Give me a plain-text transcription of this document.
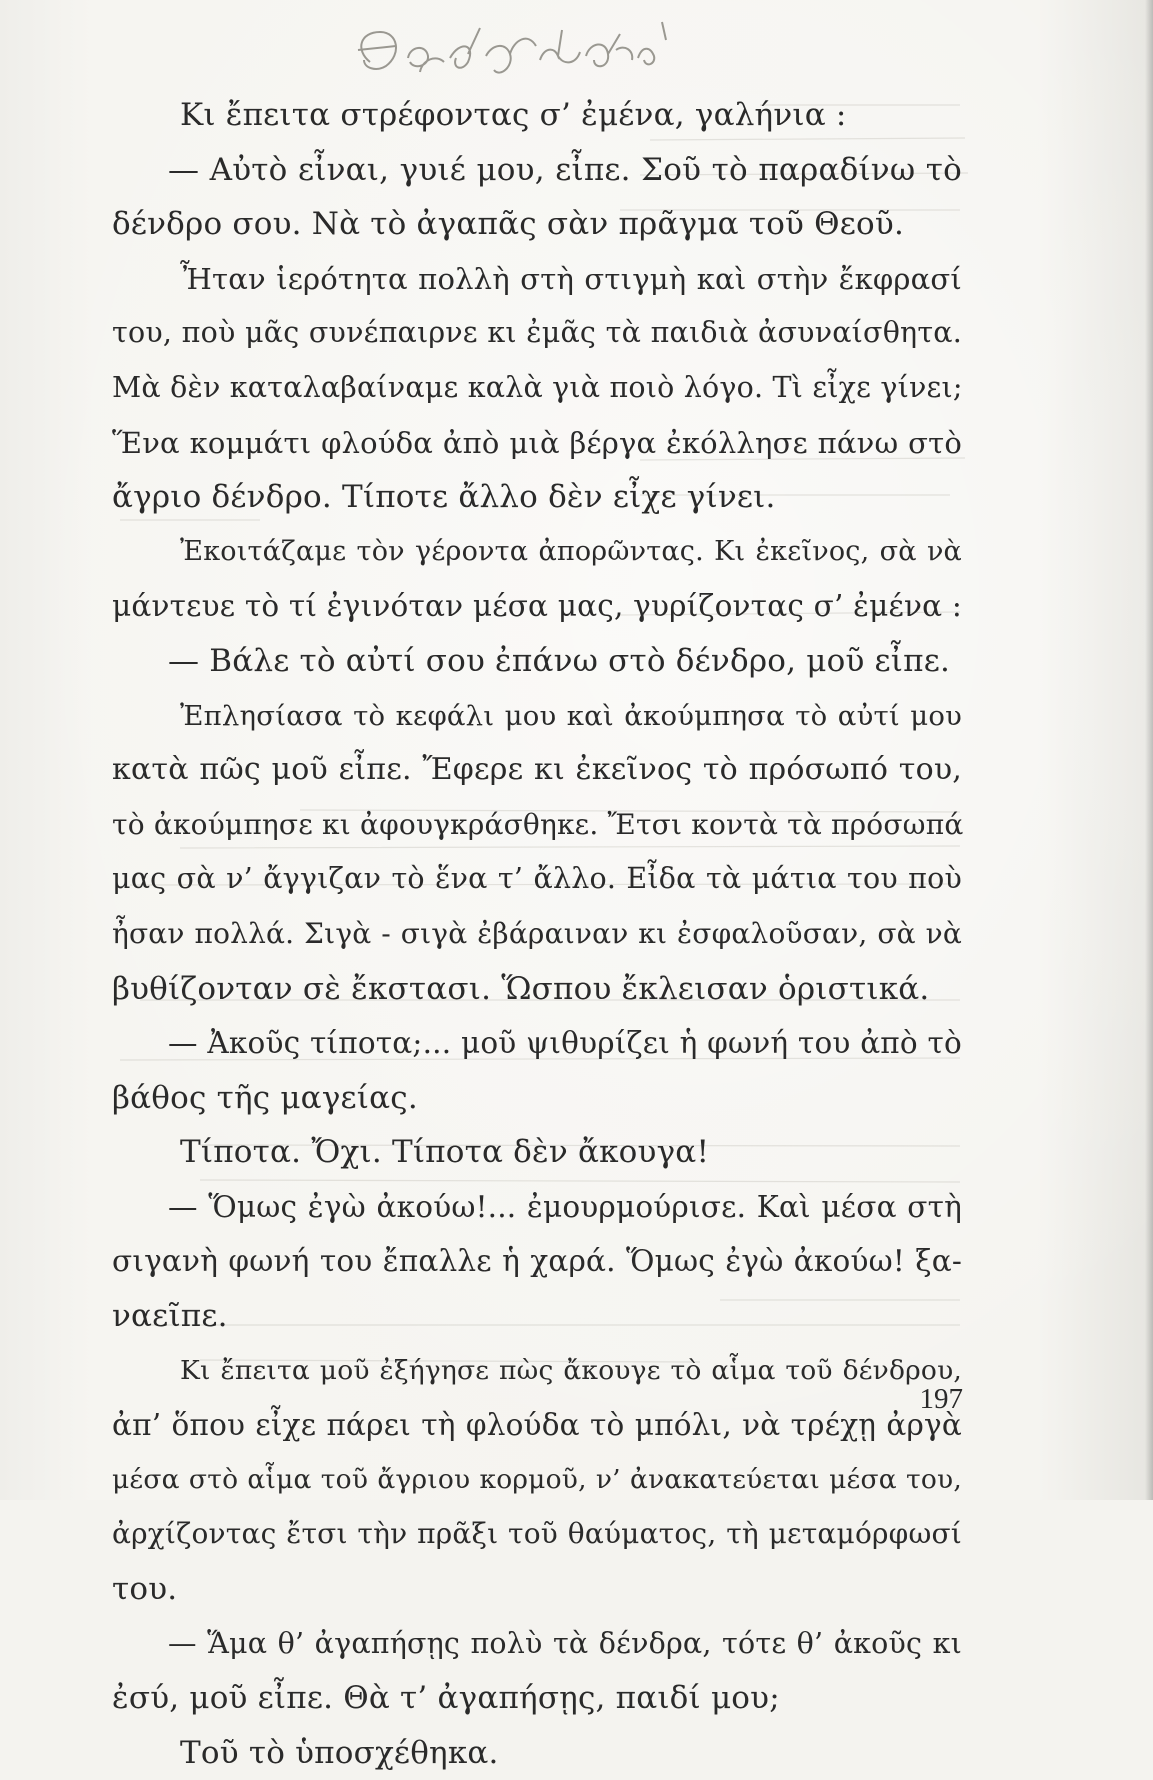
Κι ἔπειτα στρέφοντας σ’ ἐμένα, γαλήνια :
— Αὐτὸ εἶναι, γυιέ μου, εἶπε. Σοῦ τὸ παραδίνω τὸ
δένδρο σου. Νὰ τὸ ἀγαπᾶς σὰν πρᾶγμα τοῦ Θεοῦ.
Ἦταν ἱερότητα πολλὴ στὴ στιγμὴ καὶ στὴν ἔκφρασί
του, ποὺ μᾶς συνέπαιρνε κι ἐμᾶς τὰ παιδιὰ ἀσυναίσθητα.
Μὰ δὲν καταλαβαίναμε καλὰ γιὰ ποιὸ λόγο. Τὶ εἶχε γίνει;
Ἕνα κομμάτι φλούδα ἀπὸ μιὰ βέργα ἐκόλλησε πάνω στὸ
ἄγριο δένδρο. Τίποτε ἄλλο δὲν εἶχε γίνει.
Ἐκοιτάζαμε τὸν γέροντα ἀπορῶντας. Κι ἐκεῖνος, σὰ νὰ
μάντευε τὸ τί ἐγινόταν μέσα μας, γυρίζοντας σ’ ἐμένα :
— Βάλε τὸ αὐτί σου ἐπάνω στὸ δένδρο, μοῦ εἶπε.
Ἐπλησίασα τὸ κεφάλι μου καὶ ἀκούμπησα τὸ αὐτί μου
κατὰ πῶς μοῦ εἶπε. Ἔφερε κι ἐκεῖνος τὸ πρόσωπό του,
τὸ ἀκούμπησε κι ἀφουγκράσθηκε. Ἔτσι κοντὰ τὰ πρόσωπά
μας σὰ ν’ ἄγγιζαν τὸ ἕνα τ’ ἄλλο. Εἶδα τὰ μάτια του ποὺ
ἦσαν πολλά. Σιγὰ - σιγὰ ἐβάραιναν κι ἐσφαλοῦσαν, σὰ νὰ
βυθίζονταν σὲ ἔκστασι. Ὥσπου ἔκλεισαν ὁριστικά.
— Ἀκοῦς τίποτα;... μοῦ ψιθυρίζει ἡ φωνή του ἀπὸ τὸ
βάθος τῆς μαγείας.
Τίποτα. Ὄχι. Τίποτα δὲν ἄκουγα!
— Ὅμως ἐγὼ ἀκούω!... ἐμουρμούρισε. Καὶ μέσα στὴ
σιγανὴ φωνή του ἔπαλλε ἡ χαρά. Ὅμως ἐγὼ ἀκούω! ξα-
ναεῖπε.
Κι ἔπειτα μοῦ ἐξήγησε πὼς ἄκουγε τὸ αἷμα τοῦ δένδρου,
ἀπ’ ὅπου εἶχε πάρει τὴ φλούδα τὸ μπόλι, νὰ τρέχῃ ἀργὰ
μέσα στὸ αἷμα τοῦ ἄγριου κορμοῦ, ν’ ἀνακατεύεται μέσα του,
ἀρχίζοντας ἔτσι τὴν πρᾶξι τοῦ θαύματος, τὴ μεταμόρφωσί
του.
— Ἅμα θ’ ἀγαπήσῃς πολὺ τὰ δένδρα, τότε θ’ ἀκοῦς κι
ἐσύ, μοῦ εἶπε. Θὰ τ’ ἀγαπήσῃς, παιδί μου;
Τοῦ τὸ ὑποσχέθηκα.
197
